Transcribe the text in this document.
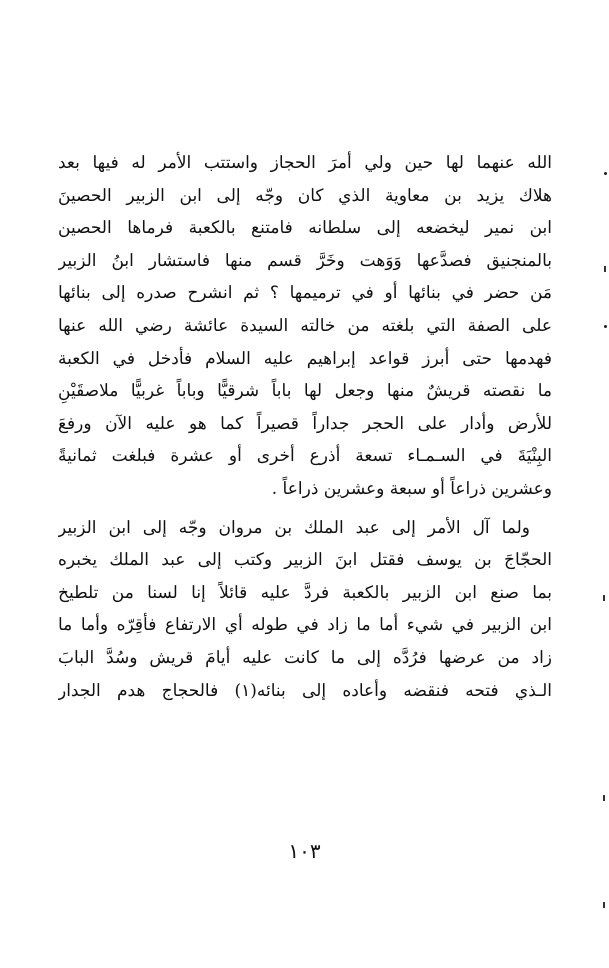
الله عنهما لها حين ولي أمرَ الحجاز واستتب الأمر له فيها بعد
هلاك يزيد بن معاوية الذي كان وجّه إلى ابن الزبير الحصينَ
ابن نمير ليخضعه إلى سلطانه فامتنع بالكعبة فرماها الحصين
بالمنجنيق فصدَّعها وَوَهت وخَرَّ قسم منها فاستشار ابنُ الزبير
مَن حضر في بنائها أو في ترميمها ؟ ثم انشرح صدره إلى بنائها
على الصفة التي بلغته من خالته السيدة عائشة رضي الله عنها
فهدمها حتى أبرز قواعد إبراهيم عليه السلام فأدخل في الكعبة
ما نقصته قريشٌ منها وجعل لها باباً شرقيًّا وباباً غربيًّا ملاصقَيْنِ
للأرض وأدار على الحجر جداراً قصيراً كما هو عليه الآن ورفعَ
البِنْيَةَ في السـمـاء تسعة أذرع أخرى أو عشرة فبلغت ثمانيةً
وعشرين ذراعاً أو سبعة وعشرين ذراعاً .
ولما آل الأمر إلى عبد الملك بن مروان وجّه إلى ابن الزبير
الحجّاجَ بن يوسف فقتل ابنَ الزبير وكتب إلى عبد الملك يخبره
بما صنع ابن الزبير بالكعبة فردَّ عليه قائلاً إنا لسنا من تلطيخ
ابن الزبير في شيء أما ما زاد في طوله أي الارتفاع فأقِرّه وأما ما
زاد من عرضها فرُدَّه إلى ما كانت عليه أيامَ قريش وسُدَّ البابَ
الـذي فتحه فنقضه وأعاده إلى بنائه(١) فالحجاج هدم الجدار
١٠٣
